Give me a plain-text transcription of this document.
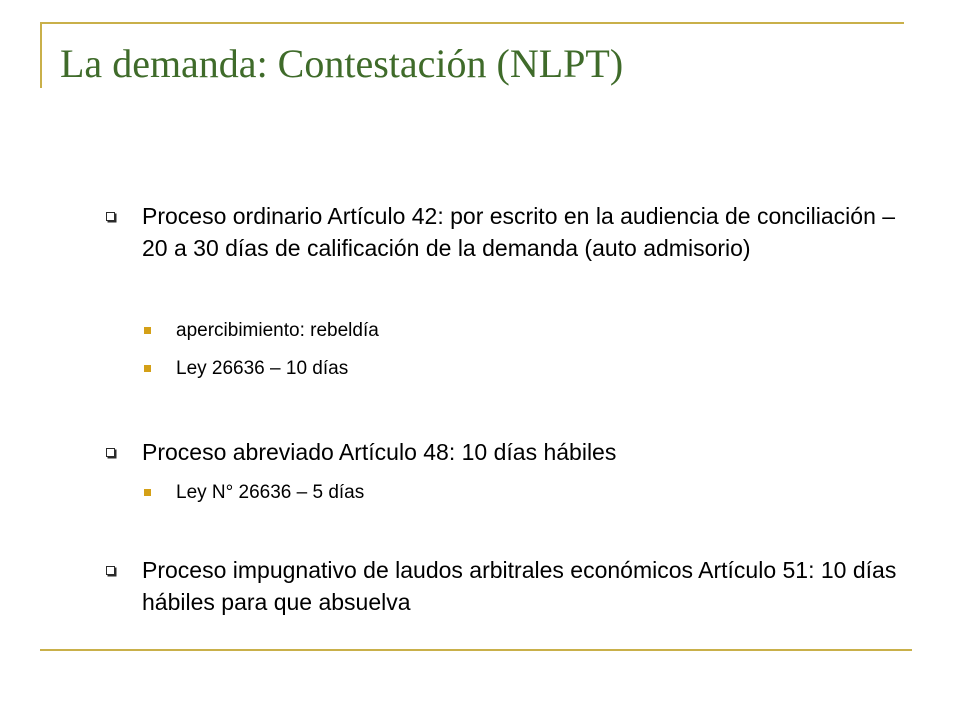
La demanda: Contestación (NLPT)
Proceso ordinario Artículo 42: por escrito en la audiencia de conciliación – 20 a 30 días de calificación de la demanda (auto admisorio)
apercibimiento: rebeldía
Ley 26636 – 10 días
Proceso abreviado Artículo 48: 10 días hábiles
Ley N° 26636 – 5 días
Proceso impugnativo de laudos arbitrales económicos Artículo 51: 10 días hábiles para que absuelva
